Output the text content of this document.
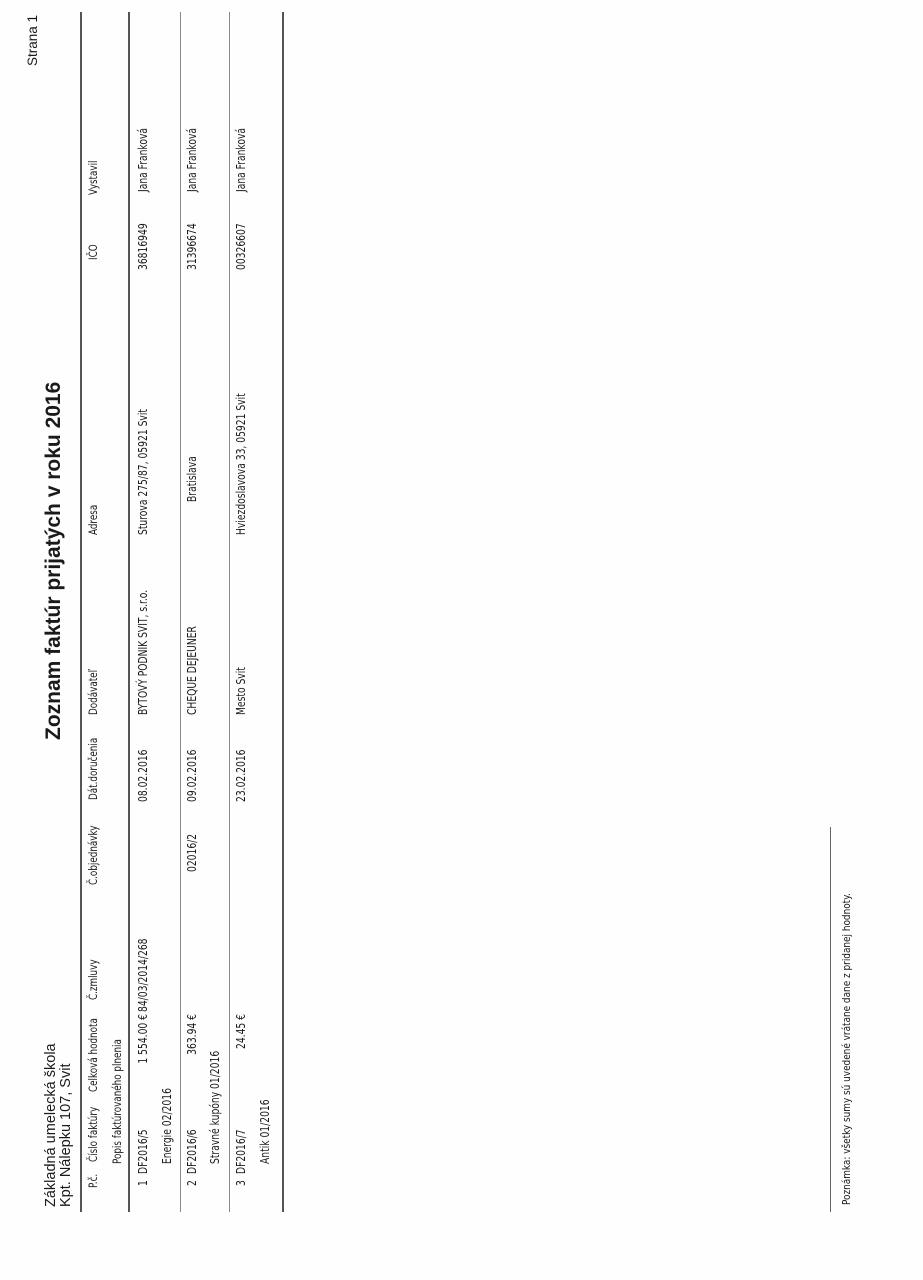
Základná umelecká škola Kpt. Nálepku 107, Svit
Zoznam faktúr prijatých v roku 2016
Strana 1
P.č.
Číslo faktúry
Celková hodnota
Č.zmluvy
Č.objednávky
Dát.doručenia
Dodávateľ
Adresa
IČO
Vystavil
Popis faktúrovaného plnenia
1
DF2016/5
1 554.00 €
84/03/2014/268
08.02.2016
BYTOVÝ PODNIK SVIT, s.r.o.
Sturova 275/87, 05921 Svit
36816949
Jana Franková
Energie 02/2016
2
DF2016/6
363.94 €
02016/2
09.02.2016
CHEQUE DEJEUNER
Bratislava
31396674
Jana Franková
Stravné kupóny 01/2016
3
DF2016/7
24.45 €
23.02.2016
Mesto Svit
Hviezdoslavova 33, 05921 Svit
00326607
Jana Franková
Antik 01/2016	Poznámka: všetky sumy sú uvedené vrátane dane z pridanej hodnoty.
